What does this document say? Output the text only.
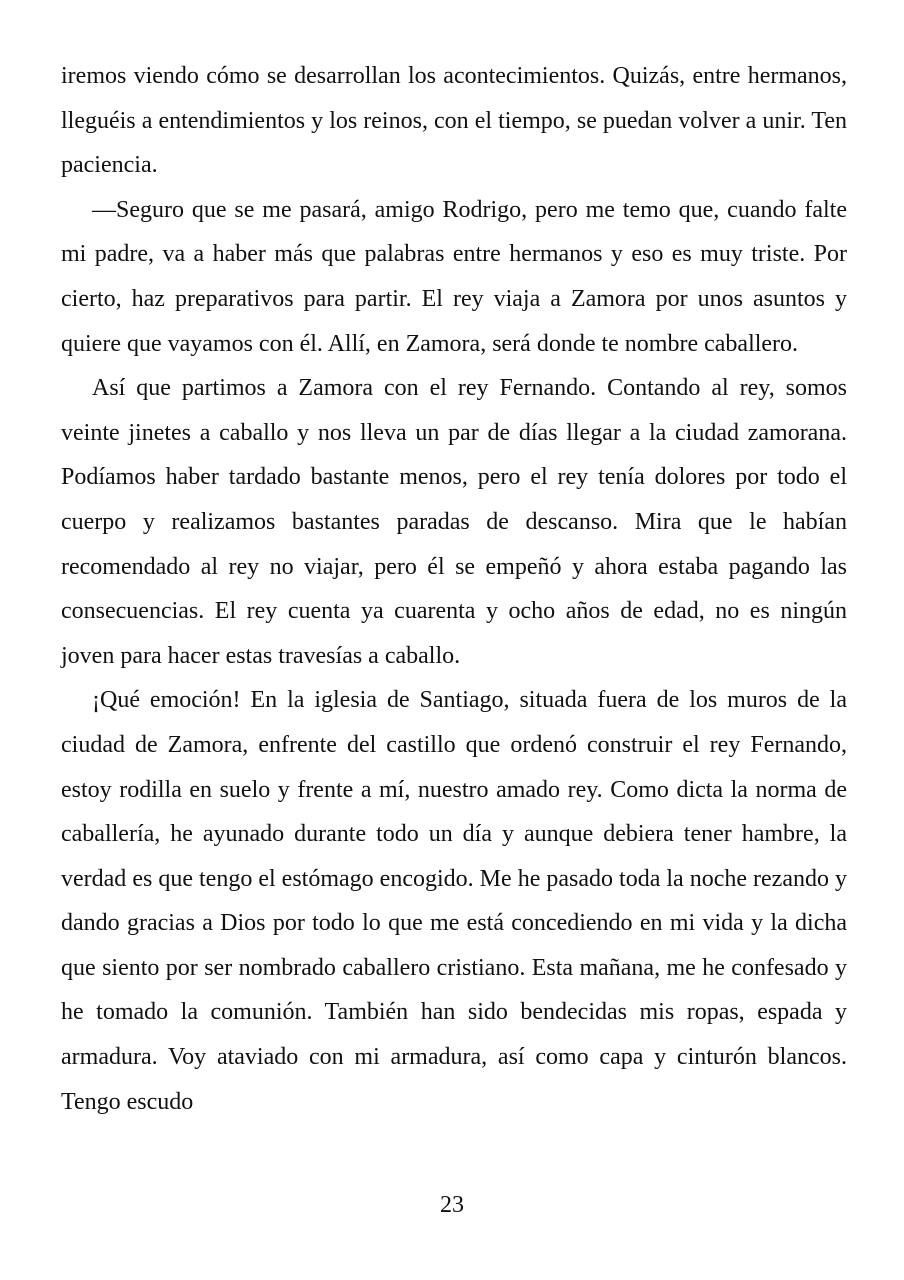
iremos viendo cómo se desarrollan los acontecimientos. Quizás, entre hermanos, lleguéis a entendimientos y los reinos, con el tiempo, se puedan volver a unir. Ten paciencia.

—Seguro que se me pasará, amigo Rodrigo, pero me temo que, cuando falte mi padre, va a haber más que palabras entre hermanos y eso es muy triste. Por cierto, haz preparativos para partir. El rey viaja a Zamora por unos asuntos y quiere que vayamos con él. Allí, en Zamora, será donde te nombre caballero.

Así que partimos a Zamora con el rey Fernando. Contando al rey, somos veinte jinetes a caballo y nos lleva un par de días llegar a la ciudad zamorana. Podíamos haber tardado bastante menos, pero el rey tenía dolores por todo el cuerpo y realizamos bastantes paradas de descanso. Mira que le habían recomendado al rey no viajar, pero él se empeñó y ahora estaba pagando las consecuencias. El rey cuenta ya cuarenta y ocho años de edad, no es ningún joven para hacer estas travesías a caballo.

¡Qué emoción! En la iglesia de Santiago, situada fuera de los muros de la ciudad de Zamora, enfrente del castillo que ordenó construir el rey Fernando, estoy rodilla en suelo y frente a mí, nuestro amado rey. Como dicta la norma de caballería, he ayunado durante todo un día y aunque debiera tener hambre, la verdad es que tengo el estómago encogido. Me he pasado toda la noche rezando y dando gracias a Dios por todo lo que me está concediendo en mi vida y la dicha que siento por ser nombrado caballero cristiano. Esta mañana, me he confesado y he tomado la comunión. También han sido bendecidas mis ropas, espada y armadura. Voy ataviado con mi armadura, así como capa y cinturón blancos. Tengo escudo

23
